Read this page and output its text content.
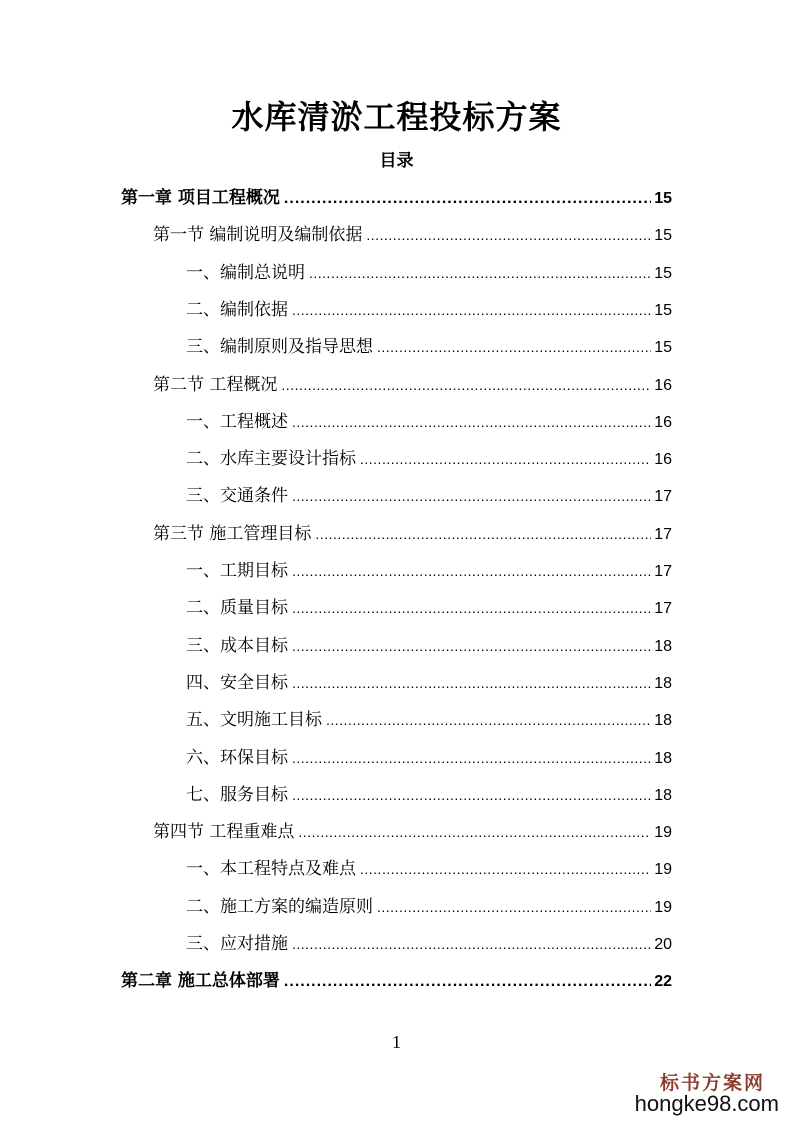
水库清淤工程投标方案
目录
第一章 项目工程概况 .....	15
第一节 编制说明及编制依据 .....	15
一、编制总说明 .....	15
二、编制依据 .....	15
三、编制原则及指导思想 .....	15
第二节 工程概况 .....	16
一、工程概述 .....	16
二、水库主要设计指标 .....	16
三、交通条件 .....	17
第三节 施工管理目标 .....	17
一、工期目标 .....	17
二、质量目标 .....	17
三、成本目标 .....	18
四、安全目标 .....	18
五、文明施工目标 .....	18
六、环保目标 .....	18
七、服务目标 .....	18
第四节 工程重难点 .....	19
一、本工程特点及难点 .....	19
二、施工方案的编造原则 .....	19
三、应对措施 .....	20
第二章 施工总体部署 .....	22
1
标书方案网
hongke98.com
